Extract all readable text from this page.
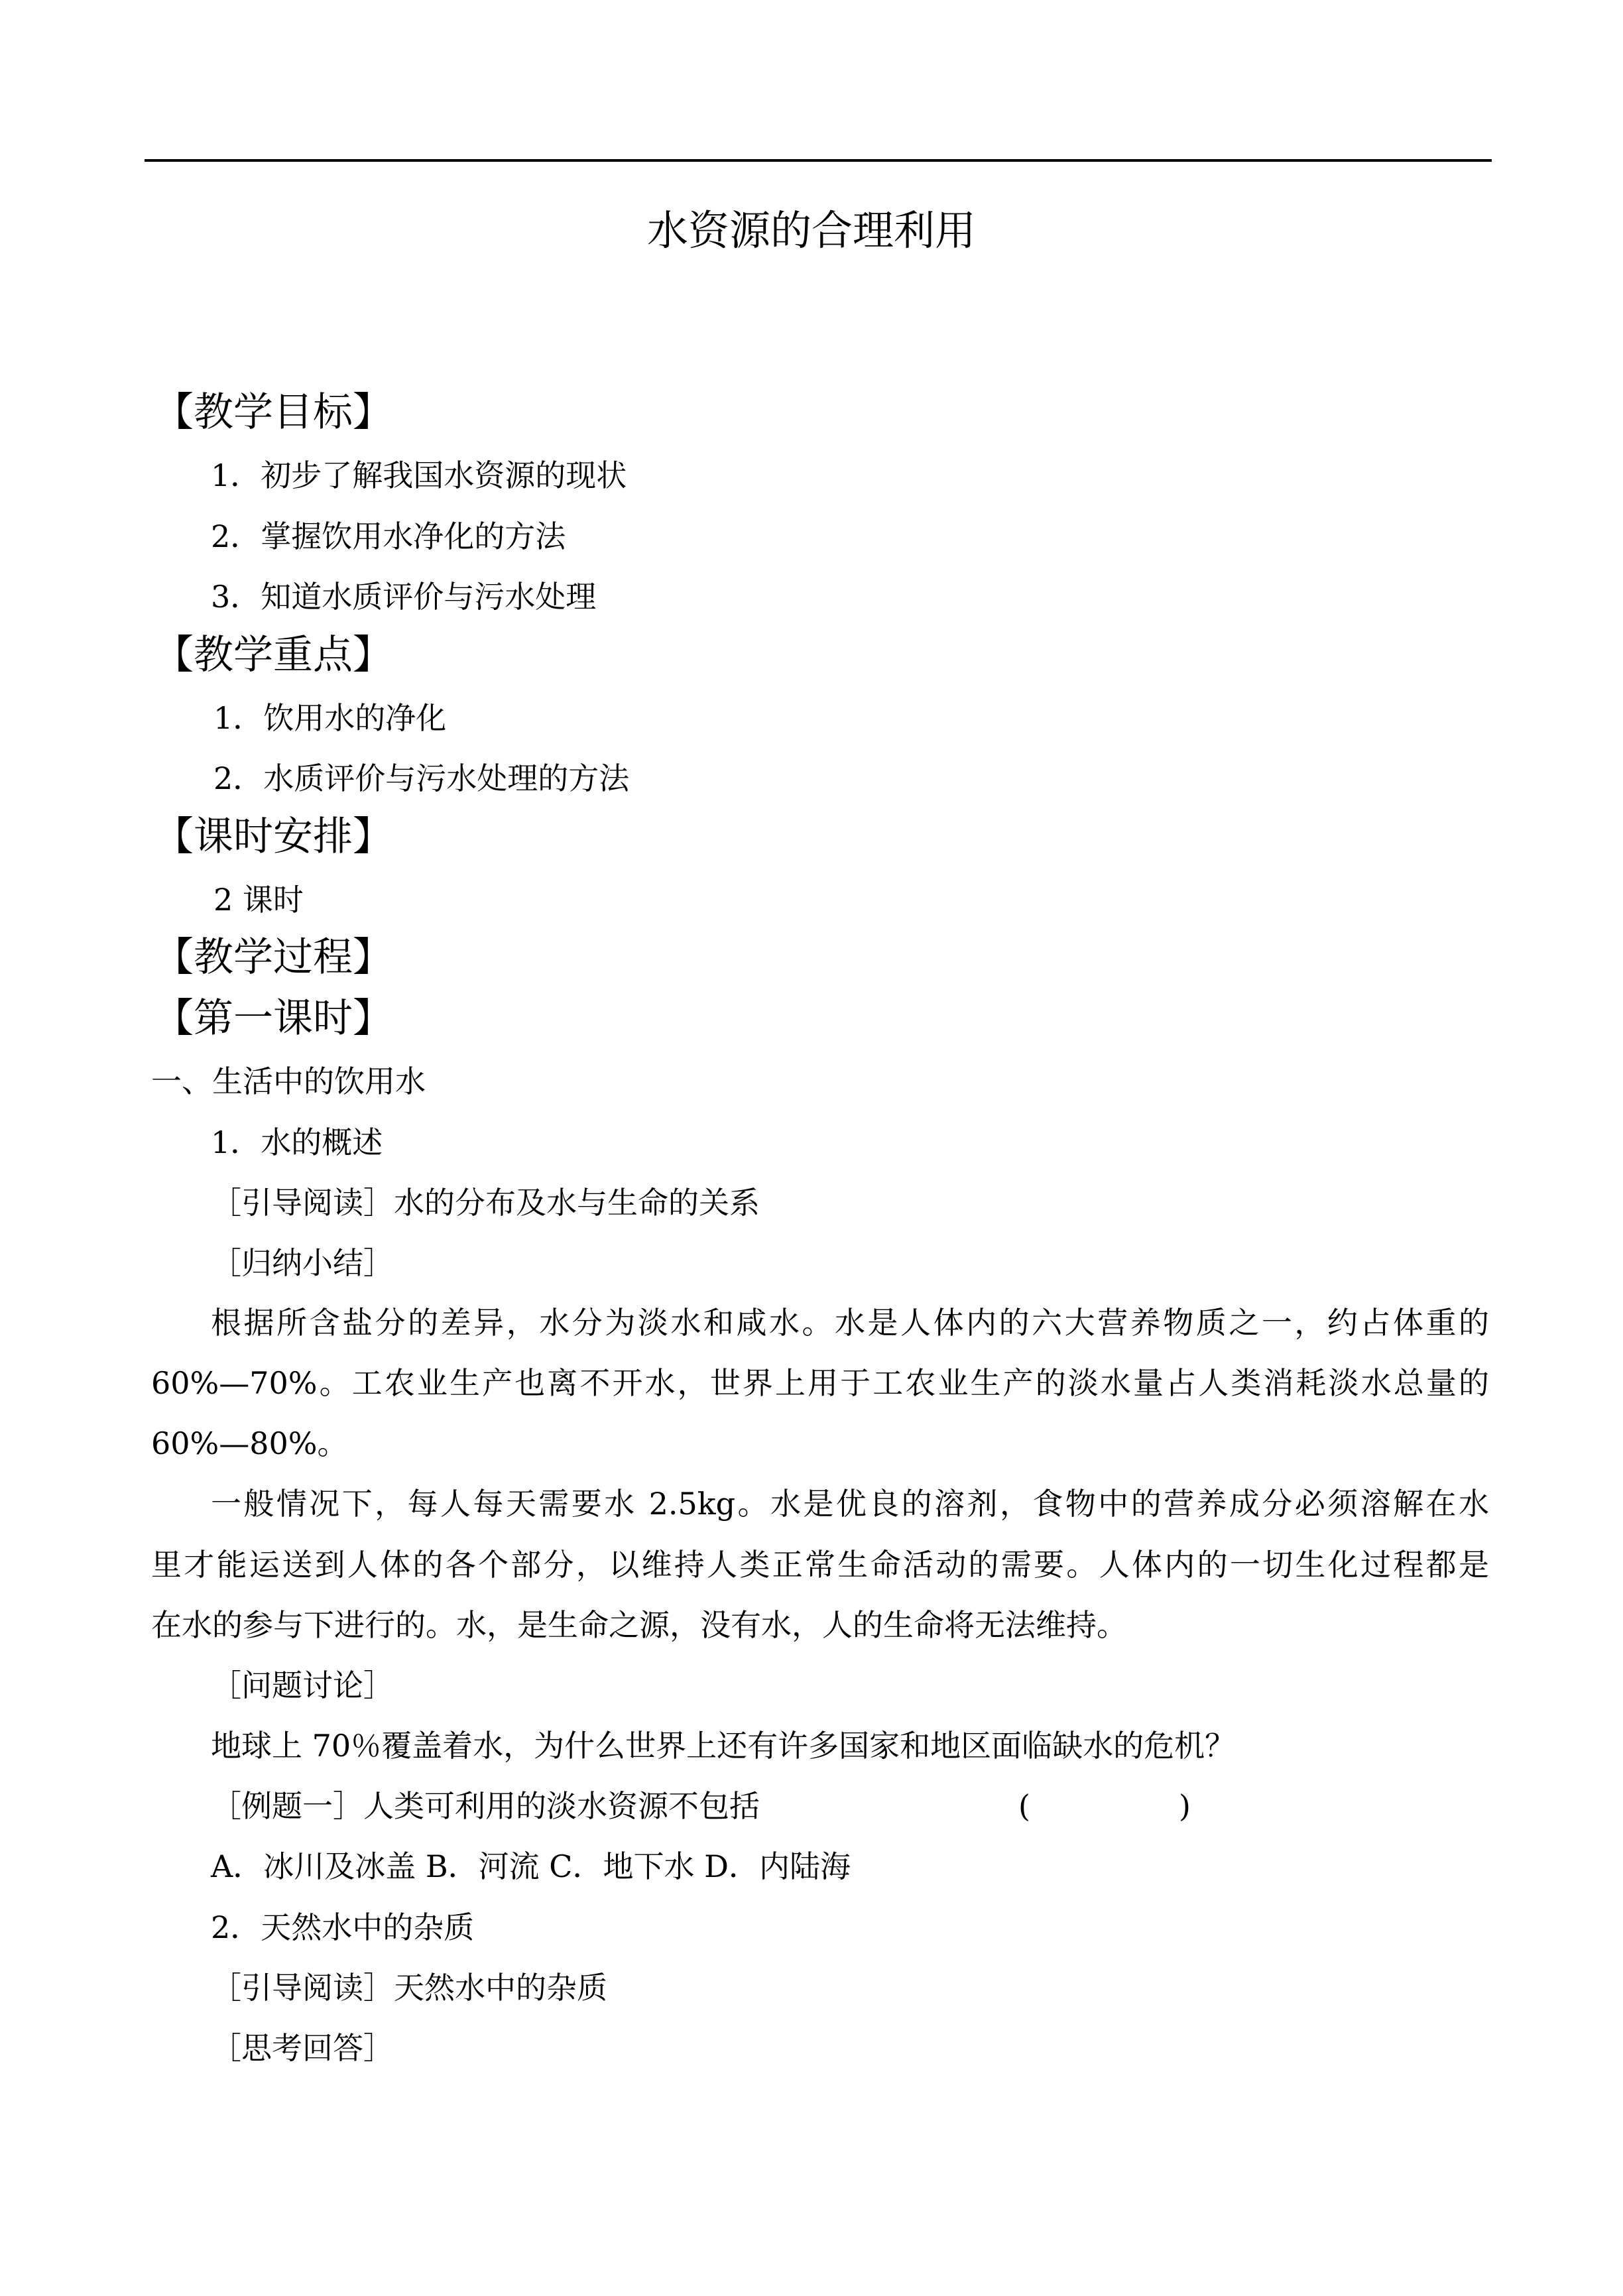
水资源的合理利用
【教学目标】
1．初步了解我国水资源的现状
2．掌握饮用水净化的方法
3．知道水质评价与污水处理
【教学重点】
1．饮用水的净化
2．水质评价与污水处理的方法
【课时安排】
2 课时
【教学过程】
【第一课时】
一、生活中的饮用水
1．水的概述
［引导阅读］水的分布及水与生命的关系
［归纳小结］
根据所含盐分的差异，水分为淡水和咸水。水是人体内的六大营养物质之一，约占体重的
60%—70%。工农业生产也离不开水，世界上用于工农业生产的淡水量占人类消耗淡水总量的
60%—80%。
一般情况下，每人每天需要水 2.5kg。水是优良的溶剂，食物中的营养成分必须溶解在水
里才能运送到人体的各个部分，以维持人类正常生命活动的需要。人体内的一切生化过程都是
在水的参与下进行的。水，是生命之源，没有水，人的生命将无法维持。
［问题讨论］
地球上 70％覆盖着水，为什么世界上还有许多国家和地区面临缺水的危机？
［例题一］人类可利用的淡水资源不包括	(	)
A．冰川及冰盖 B．河流 C．地下水 D．内陆海
2．天然水中的杂质
［引导阅读］天然水中的杂质
［思考回答］
